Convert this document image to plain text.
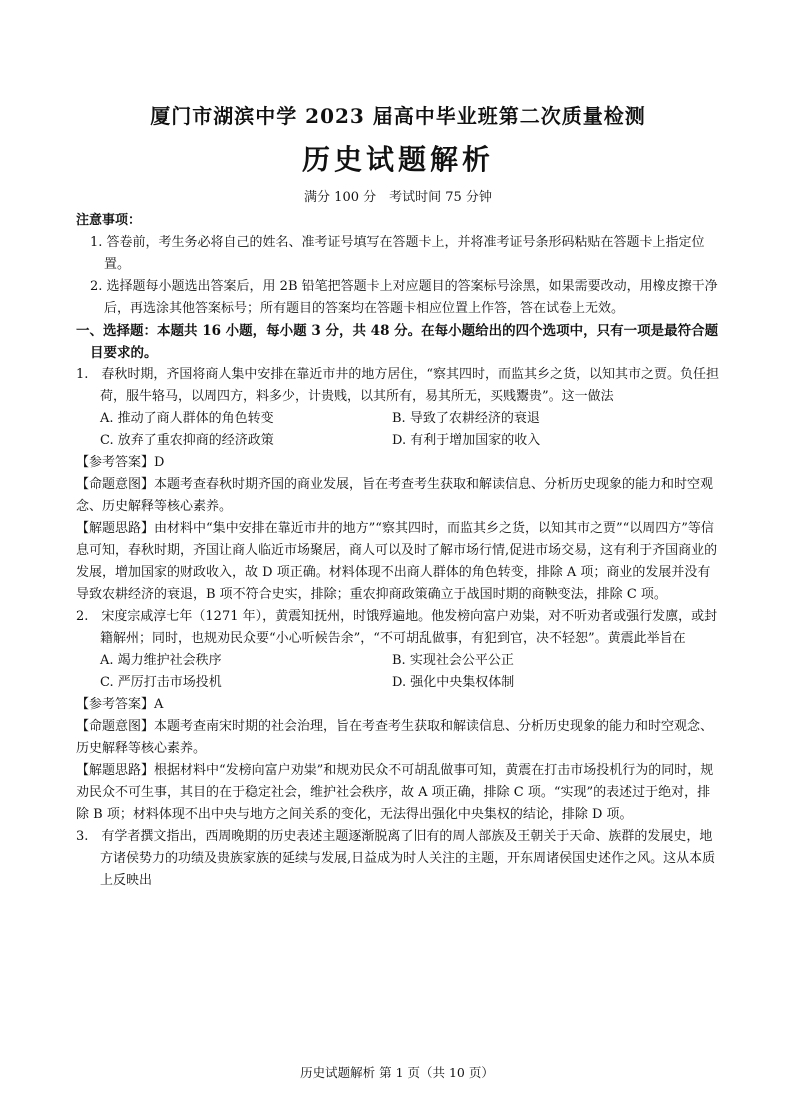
厦门市湖滨中学 2023 届高中毕业班第二次质量检测
历史试题解析
满分 100 分　考试时间 75 分钟

注意事项：

1. 答卷前，考生务必将自己的姓名、准考证号填写在答题卡上，并将准考证号条形码粘贴在答题卡上指定位置。

2. 选择题每小题选出答案后，用 2B 铅笔把答题卡上对应题目的答案标号涂黑，如果需要改动，用橡皮擦干净后，再选涂其他答案标号；所有题目的答案均在答题卡相应位置上作答，答在试卷上无效。

一、选择题：本题共 16 小题，每小题 3 分，共 48 分。在每小题给出的四个选项中，只有一项是最符合题目要求的。

1.　春秋时期，齐国将商人集中安排在靠近市井的地方居住，“察其四时，而监其乡之货，以知其市之贾。负任担荷，服牛辂马，以周四方，料多少，计贵贱，以其所有，易其所无，买贱鬻贵”。这一做法

A. 推动了商人群体的角色转变	B. 导致了农耕经济的衰退
C. 放弃了重农抑商的经济政策	D. 有利于增加国家的收入

【参考答案】D

【命题意图】本题考查春秋时期齐国的商业发展，旨在考查考生获取和解读信息、分析历史现象的能力和时空观念、历史解释等核心素养。

【解题思路】由材料中“集中安排在靠近市井的地方”“察其四时，而监其乡之货，以知其市之贾”“以周四方”等信息可知，春秋时期，齐国让商人临近市场聚居，商人可以及时了解市场行情,促进市场交易，这有利于齐国商业的发展，增加国家的财政收入，故 D 项正确。材料体现不出商人群体的角色转变，排除 A 项；商业的发展并没有导致农耕经济的衰退，B 项不符合史实，排除；重农抑商政策确立于战国时期的商鞅变法，排除 C 项。

2.　宋度宗咸淳七年（1271 年），黄震知抚州，时饿殍遍地。他发榜向富户劝粜，对不听劝者或强行发廪，或封籍解州；同时，也规劝民众要“小心听候告余”，“不可胡乱做事，有犯到官，决不轻恕”。黄震此举旨在

A. 竭力维护社会秩序	B. 实现社会公平公正
C. 严厉打击市场投机	D. 强化中央集权体制

【参考答案】A

【命题意图】本题考查南宋时期的社会治理，旨在考查考生获取和解读信息、分析历史现象的能力和时空观念、历史解释等核心素养。

【解题思路】根据材料中“发榜向富户劝粜”和规劝民众不可胡乱做事可知，黄震在打击市场投机行为的同时，规劝民众不可生事，其目的在于稳定社会，维护社会秩序，故 A 项正确，排除 C 项。“实现”的表述过于绝对，排除 B 项；材料体现不出中央与地方之间关系的变化，无法得出强化中央集权的结论，排除 D 项。

3.　有学者撰文指出，西周晚期的历史表述主题逐渐脱离了旧有的周人部族及王朝关于天命、族群的发展史，地方诸侯势力的功绩及贵族家族的延续与发展,日益成为时人关注的主题，开东周诸侯国史述作之风。这从本质上反映出

历史试题解析 第 1 页（共 10 页）
